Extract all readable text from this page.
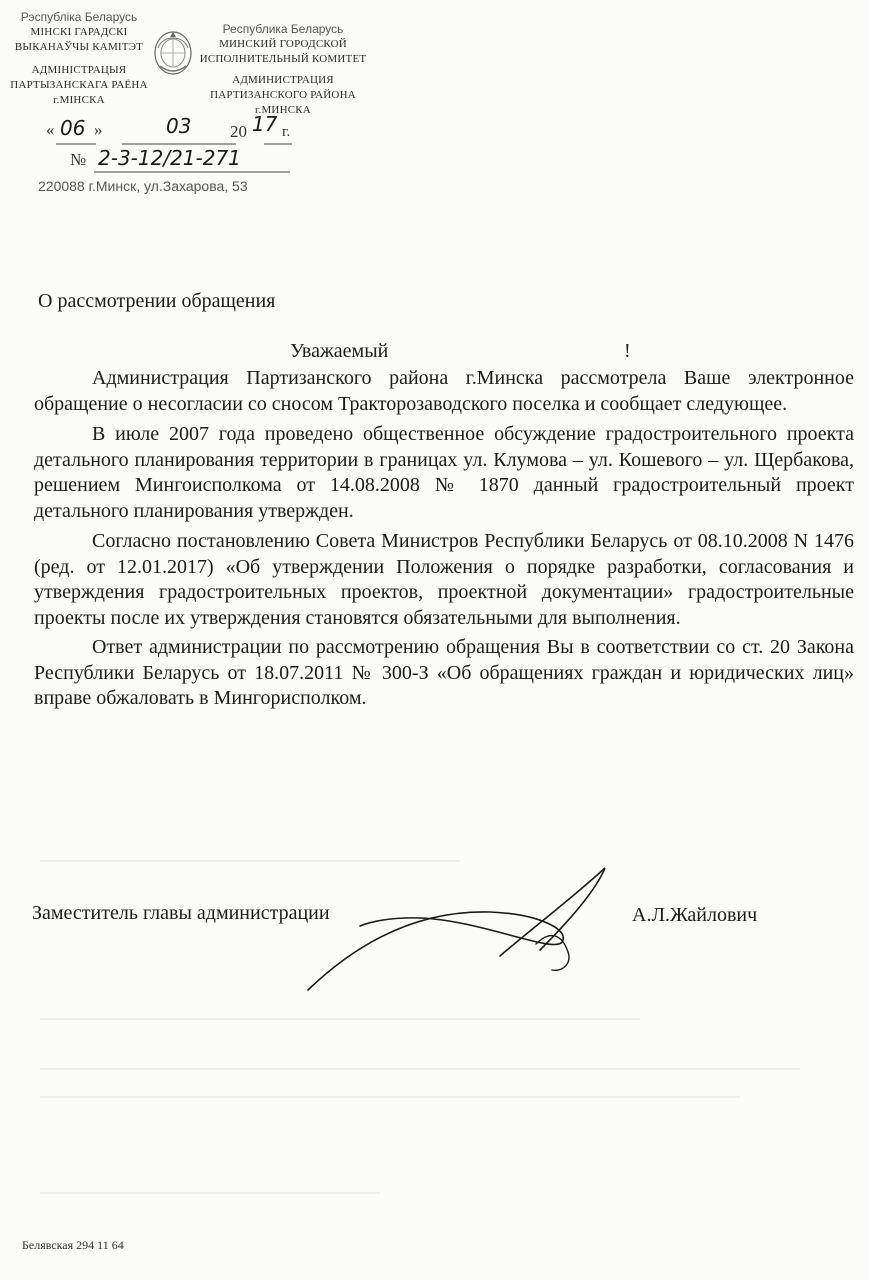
Рэспубліка Беларусь
МІНСКІ ГАРАДСКІ
ВЫКАНАЎЧЫ КАМІТЭТ
АДМІНІСТРАЦЫЯ
ПАРТЫЗАНСКАГА РАЁНА
г.МІНСКА
Республика Беларусь
МИНСКИЙ ГОРОДСКОЙ
ИСПОЛНИТЕЛЬНЫЙ КОМИТЕТ
АДМИНИСТРАЦИЯ
ПАРТИЗАНСКОГО РАЙОНА
г.МИНСКА
« 06 »	03 20 17 г.
№ 2-3-12/21-271
220088 г.Минск, ул.Захарова, 53
О рассмотрении обращения
Уважаемый	!

Администрация Партизанского района г.Минска рассмотрела Ваше электронное обращение о несогласии со сносом Тракторозаводского поселка и сообщает следующее.

В июле 2007 года проведено общественное обсуждение градостроительного проекта детального планирования территории в границах ул. Клумова – ул. Кошевого – ул. Щербакова, решением Мингоисполкома от 14.08.2008 № 1870 данный градостроительный проект детального планирования утвержден.

Согласно постановлению Совета Министров Республики Беларусь от 08.10.2008 N 1476 (ред. от 12.01.2017) «Об утверждении Положения о порядке разработки, согласования и утверждения градостроительных проектов, проектной документации» градостроительные проекты после их утверждения становятся обязательными для выполнения.

Ответ администрации по рассмотрению обращения Вы в соответствии со ст. 20 Закона Республики Беларусь от 18.07.2011 № 300-З «Об обращениях граждан и юридических лиц» вправе обжаловать в Мингорисполком.

Заместитель главы администрации	А.Л.Жайлович
Белявская 294 11 64
